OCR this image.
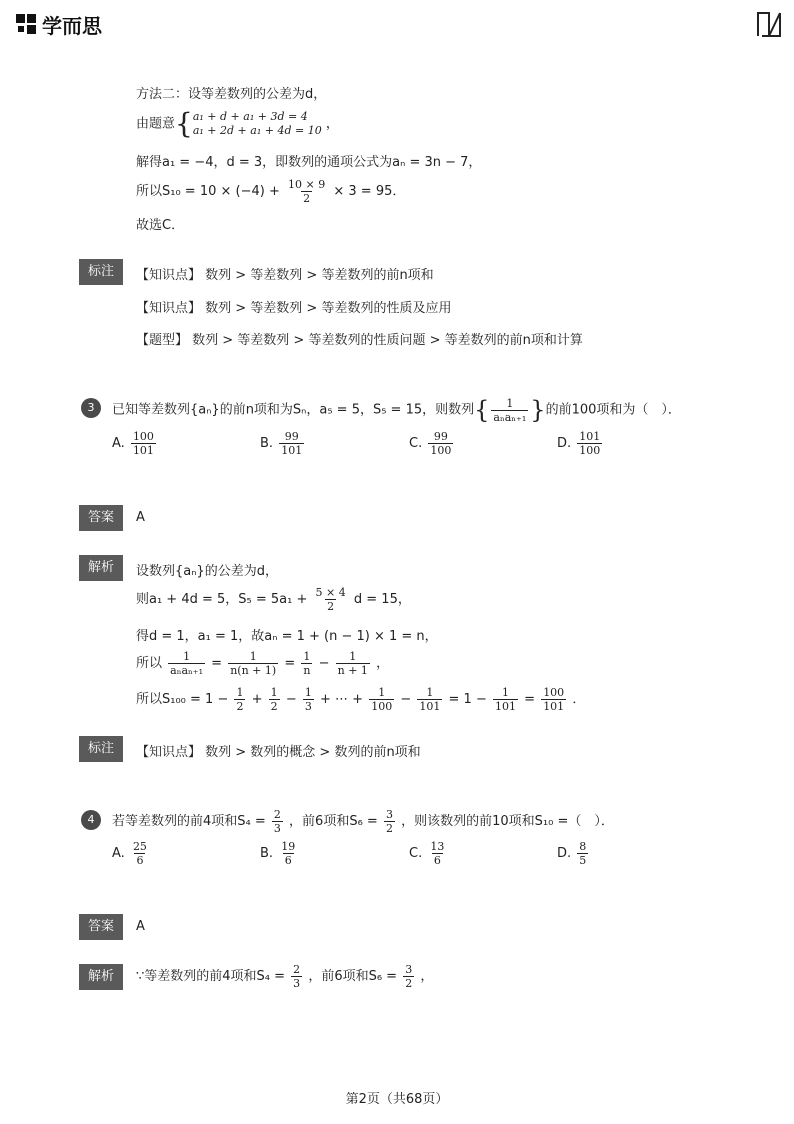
学而思
方法二：设等差数列的公差为d，
由题意{ a₁ + d + a₁ + 3d = 4
a₁ + 2d + a₁ + 4d = 10 ，
解得a₁ = −4，d = 3，即数列的通项公式为aₙ = 3n − 7，
所以$S_{10} = 10 \times (-4) + \frac{10 \times 9}{2} \times 3 = 95$．
故选C．
标注	【知识点】 数列 > 等差数列 > 等差数列的前n项和
【知识点】 数列 > 等差数列 > 等差数列的性质及应用
【题型】 数列 > 等差数列 > 等差数列的性质问题 > 等差数列的前n项和计算
3	已知等差数列{aₙ}的前n项和为Sₙ，a₅ = 5，S₅ = 15，则数列{ $\frac{1}{\text{aₙaₙ₊₁}}$ }的前100项和为（　）．
A. $\frac{100}{101}$	B. $\frac{99}{101}$	C. $\frac{99}{100}$	D. $\frac{101}{100}$
答案	A
解析	设数列{aₙ}的公差为d，
则a₁ + 4d = 5，$S_5 = 5a_1 + \frac{5 \times 4}{2}$ d = 15，
得d = 1，a₁ = 1，故aₙ = 1 + (n − 1) × 1 = n，
所以 $\frac{1}{\text{aₙaₙ₊₁}} = \frac{1}{n(n + 1)} = \frac{1}{n} - \frac{1}{n + 1}$ ，
所以$S_{100} = 1 - \frac{1}{2} + \frac{1}{2} - \frac{1}{3}$ + ⋯ + $\frac{1}{100} - \frac{1}{101} = 1 - \frac{1}{101} = \frac{100}{101}$ ．
标注	【知识点】 数列 > 数列的概念 > 数列的前n项和
4	若等差数列的前4项和$S_4 = \frac{2}{3}$ ，前6项和$S_6 = \frac{3}{2}$ ，则该数列的前10项和S₁₀ =（　）．
A. $\frac{25}{6}$	B. $\frac{19}{6}$	C. $\frac{13}{6}$	D. $\frac{8}{5}$
答案	A
解析	∵等差数列的前4项和$S_4 = \frac{2}{3}$ ，前6项和$S_6 = \frac{3}{2}$ ，
第2页（共68页）
